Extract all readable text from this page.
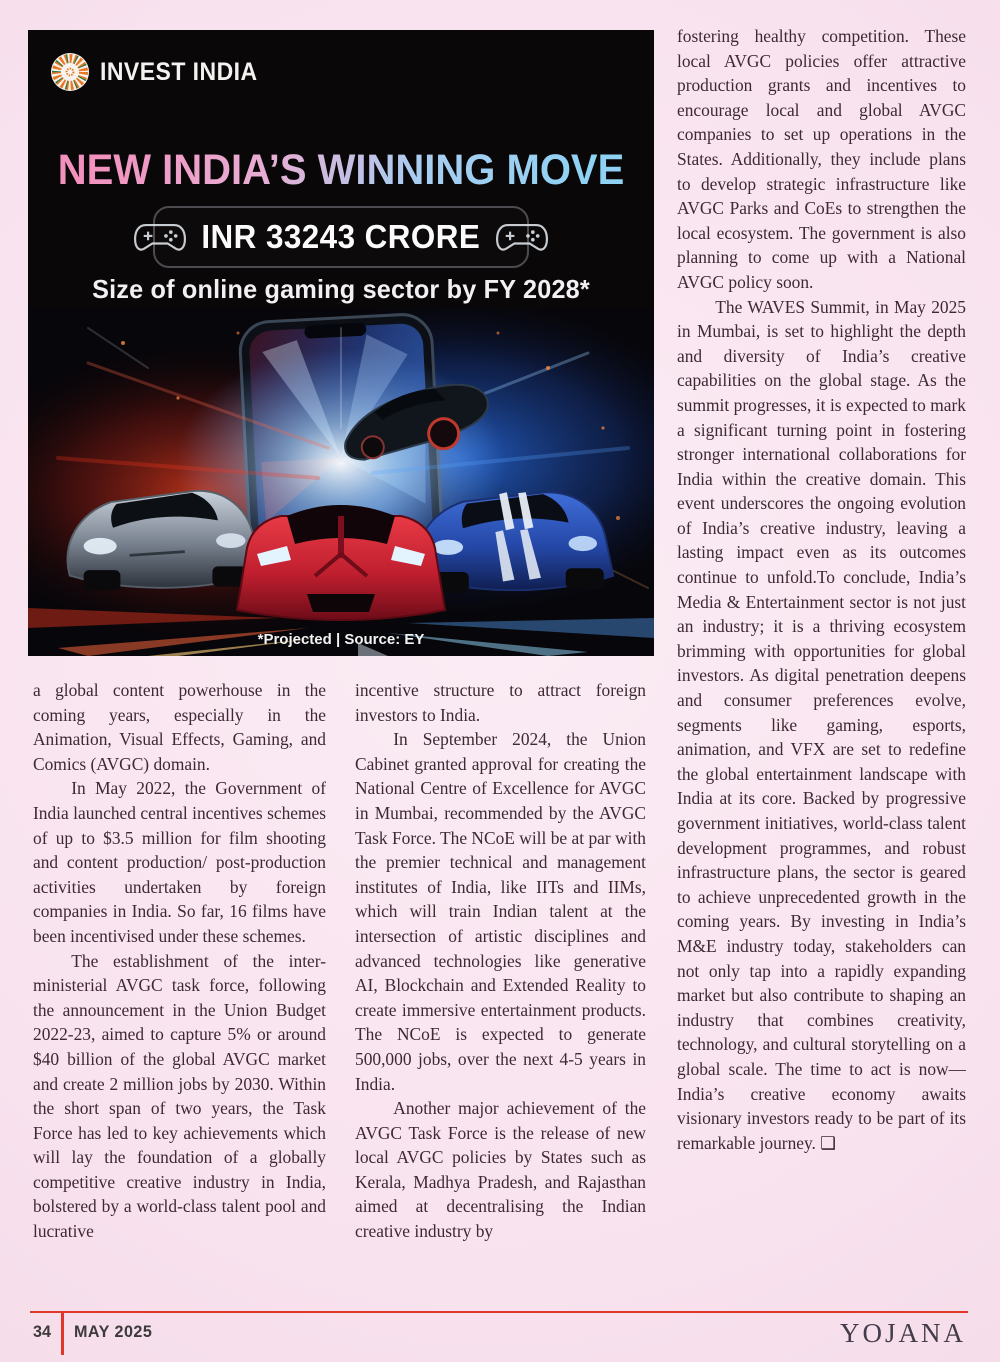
INVEST INDIA
NEW INDIA’S WINNING MOVE
INR 33243 CRORE
Size of online gaming sector by FY 2028*
*Projected | Source: EY

a global content powerhouse in the coming years, especially in the Animation, Visual Effects, Gaming, and Comics (AVGC) domain.

In May 2022, the Government of India launched central incentives schemes of up to $3.5 million for film shooting and content production/ post-production activities undertaken by foreign companies in India. So far, 16 films have been incentivised under these schemes.

The establishment of the inter-ministerial AVGC task force, following the announcement in the Union Budget 2022-23, aimed to capture 5% or around $40 billion of the global AVGC market and create 2 million jobs by 2030. Within the short span of two years, the Task Force has led to key achievements which will lay the foundation of a globally competitive creative industry in India, bolstered by a world-class talent pool and lucrative

incentive structure to attract foreign investors to India.

In September 2024, the Union Cabinet granted approval for creating the National Centre of Excellence for AVGC in Mumbai, recommended by the AVGC Task Force. The NCoE will be at par with the premier technical and management institutes of India, like IITs and IIMs, which will train Indian talent at the intersection of artistic disciplines and advanced technologies like generative AI, Blockchain and Extended Reality to create immersive entertainment products. The NCoE is expected to generate 500,000 jobs, over the next 4-5 years in India.

Another major achievement of the AVGC Task Force is the release of new local AVGC policies by States such as Kerala, Madhya Pradesh, and Rajasthan aimed at decentralising the Indian creative industry by

fostering healthy competition. These local AVGC policies offer attractive production grants and incentives to encourage local and global AVGC companies to set up operations in the States. Additionally, they include plans to develop strategic infrastructure like AVGC Parks and CoEs to strengthen the local ecosystem. The government is also planning to come up with a National AVGC policy soon.

The WAVES Summit, in May 2025 in Mumbai, is set to highlight the depth and diversity of India’s creative capabilities on the global stage. As the summit progresses, it is expected to mark a significant turning point in fostering stronger international collaborations for India within the creative domain. This event underscores the ongoing evolution of India’s creative industry, leaving a lasting impact even as its outcomes continue to unfold.To conclude, India’s Media & Entertainment sector is not just an industry; it is a thriving ecosystem brimming with opportunities for global investors. As digital penetration deepens and consumer preferences evolve, segments like gaming, esports, animation, and VFX are set to redefine the global entertainment landscape with India at its core. Backed by progressive government initiatives, world-class talent development programmes, and robust infrastructure plans, the sector is geared to achieve unprecedented growth in the coming years. By investing in India’s M&E industry today, stakeholders can not only tap into a rapidly expanding market but also contribute to shaping an industry that combines creativity, technology, and cultural storytelling on a global scale. The time to act is now—India’s creative economy awaits visionary investors ready to be part of its remarkable journey. ❑

34 MAY 2025	YOJANA
